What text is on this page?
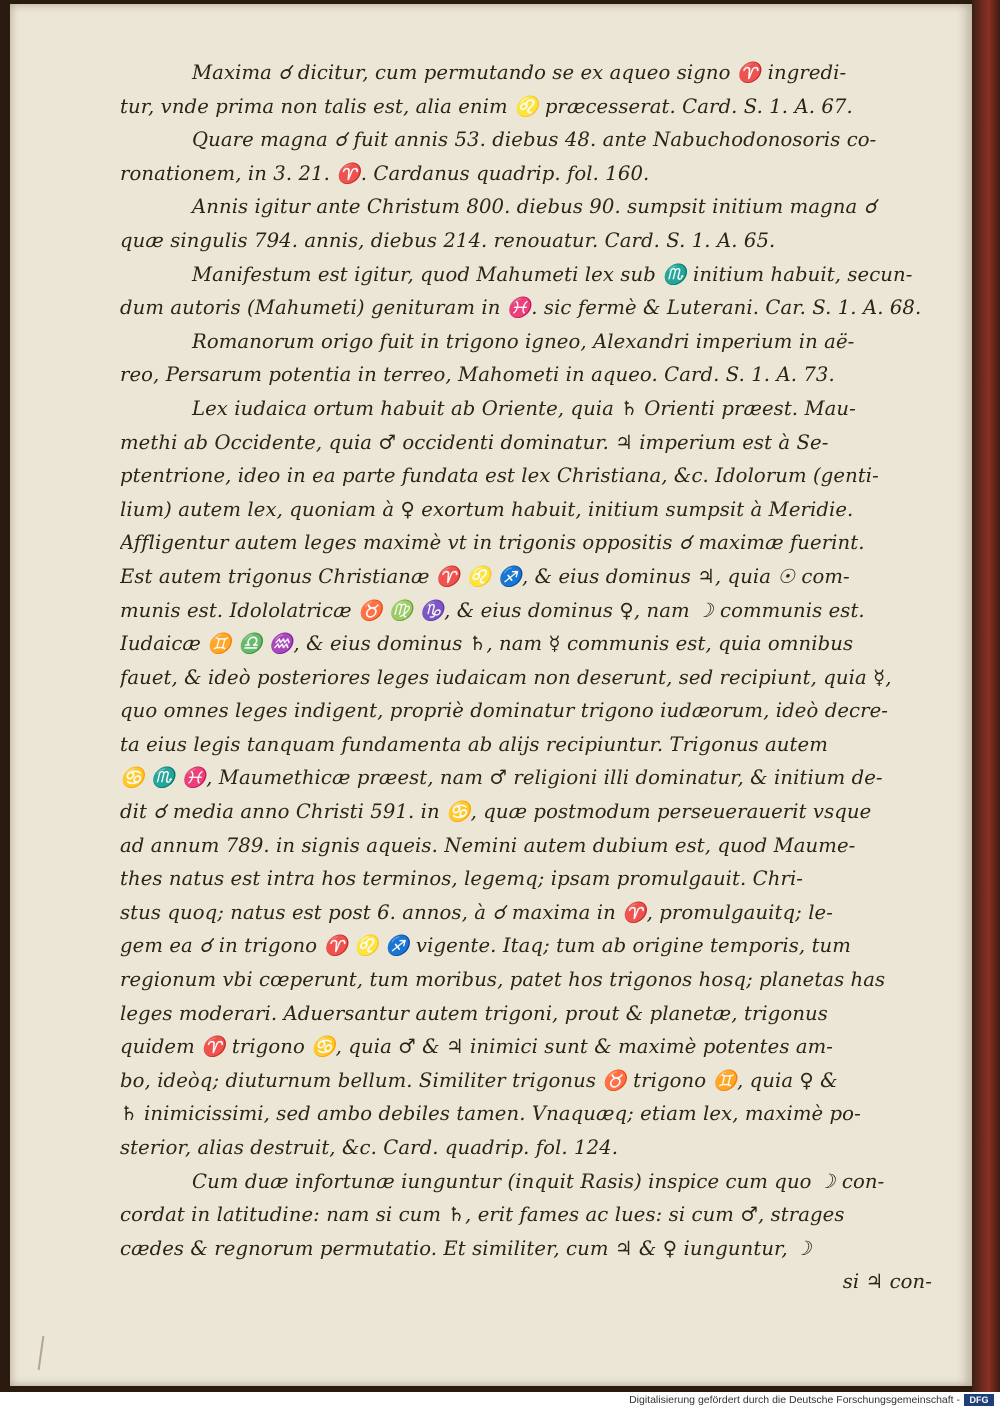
Maxima ☌ dicitur, cum permutando se ex aqueo signo ♈ ingredi-
tur, vnde prima non talis est, alia enim ♌ præcesserat. Card. S. 1. A. 67.
Quare magna ☌ fuit annis 53. diebus 48. ante Nabuchodonosoris co-
ronationem, in 3. 21. ♈. Cardanus quadrip. fol. 160.
Annis igitur ante Christum 800. diebus 90. sumpsit initium magna ☌
quæ singulis 794. annis, diebus 214. renouatur. Card. S. 1. A. 65.
Manifestum est igitur, quod Mahumeti lex sub ♏ initium habuit, secun-
dum autoris (Mahumeti) genituram in ♓. sic fermè & Luterani. Car. S. 1. A. 68.
Romanorum origo fuit in trigono igneo, Alexandri imperium in aë-
reo, Persarum potentia in terreo, Mahometi in aqueo. Card. S. 1. A. 73.
Lex iudaica ortum habuit ab Oriente, quia ♄ Orienti præest. Mau-
methi ab Occidente, quia ♂ occidenti dominatur. ♃ imperium est à Se-
ptentrione, ideo in ea parte fundata est lex Christiana, &c. Idolorum (genti-
lium) autem lex, quoniam à ♀ exortum habuit, initium sumpsit à Meridie.
Affligentur autem leges maximè vt in trigonis oppositis ☌ maximæ fuerint.
Est autem trigonus Christianæ ♈ ♌ ♐, & eius dominus ♃, quia ☉ com-
munis est. Idololatricæ ♉ ♍ ♑, & eius dominus ♀, nam ☽ communis est.
Iudaicæ ♊ ♎ ♒, & eius dominus ♄, nam ☿ communis est, quia omnibus
fauet, & ideò posteriores leges iudaicam non deserunt, sed recipiunt, quia ☿,
quo omnes leges indigent, propriè dominatur trigono iudæorum, ideò decre-
ta eius legis tanquam fundamenta ab alijs recipiuntur. Trigonus autem
♋ ♏ ♓, Maumethicæ præest, nam ♂ religioni illi dominatur, & initium de-
dit ☌ media anno Christi 591. in ♋, quæ postmodum perseuerauerit vsque
ad annum 789. in signis aqueis. Nemini autem dubium est, quod Maume-
thes natus est intra hos terminos, legemq; ipsam promulgauit. Chri-
stus quoq; natus est post 6. annos, à ☌ maxima in ♈, promulgauitq; le-
gem ea ☌ in trigono ♈ ♌ ♐ vigente. Itaq; tum ab origine temporis, tum
regionum vbi cœperunt, tum moribus, patet hos trigonos hosq; planetas has
leges moderari. Aduersantur autem trigoni, prout & planetæ, trigonus
quidem ♈ trigono ♋, quia ♂ & ♃ inimici sunt & maximè potentes am-
bo, ideòq; diuturnum bellum. Similiter trigonus ♉ trigono ♊, quia ♀ &
♄ inimicissimi, sed ambo debiles tamen. Vnaquæq; etiam lex, maximè po-
sterior, alias destruit, &c. Card. quadrip. fol. 124.
Cum duæ infortunæ iunguntur (inquit Rasis) inspice cum quo ☽ con-
cordat in latitudine: nam si cum ♄, erit fames ac lues: si cum ♂, strages
cædes & regnorum permutatio. Et similiter, cum ♃ & ♀ iunguntur, ☽
si ♃ con-
Digitalisierung gefördert durch die Deutsche Forschungsgemeinschaft -	DFG
